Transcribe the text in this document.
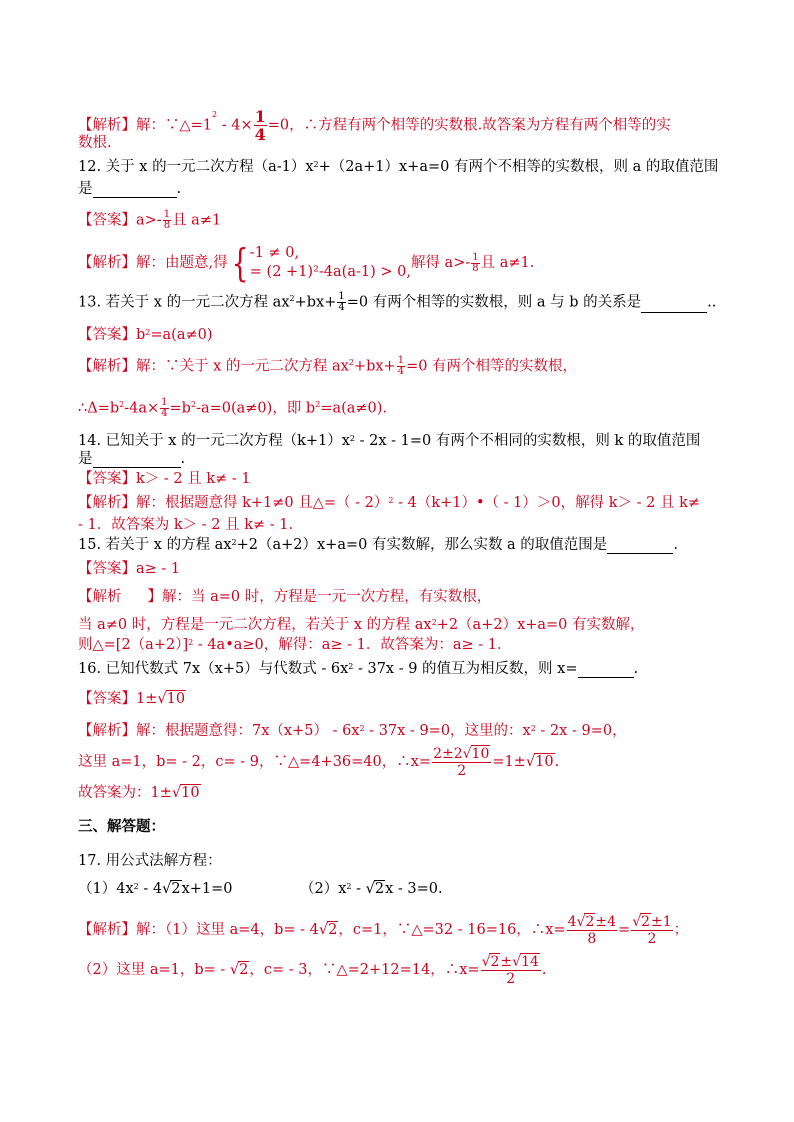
【解析】解：$\because\triangle=1^2 - 4\times \frac{1}{4} =0$，∴方程有两个相等的实数根.故答案为方程有两个相等的实
数根.
12. 关于 x 的一元二次方程$(a-1)x^2+(2a+1)x+a=0$ 有两个不相等的实数根，则 a 的取值范围
是	.
【答案】$a>- \frac{1}{8}$ 且 a≠1
【解析】解：由题意,得{ -1 ≠ 0,
= (2 +1)²-4a(a-1) > 0,
解得 $a>- \frac{1}{8}$ 且 a≠1.
13. 若关于 x 的一元二次方程 $ax^2+bx+ \frac{1}{4} =0$ 有两个相等的实数根，则 a 与 b 的关系是	..
【答案】$b^2=a(a\ne 0)$
【解析】解：∵关于 x 的一元二次方程 $ax^2+bx+ \frac{1}{4} =0$ 有两个相等的实数根，
$\therefore\Delta=b^2-4a\times \frac{1}{4} =b^2-a=0(a\ne 0)$，即 $b^2=a(a\ne 0)$.
14. 已知关于 x 的一元二次方程$(k+1)x^2 - 2x - 1=0$ 有两个不相同的实数根，则 k 的取值范围
是	.
【答案】k＞ - 2 且 k≠ - 1
【解析】解：根据题意得 k+1≠0 且△=（ - 2）$^2$ - 4（k+1）•（ - 1）＞0，解得 k＞ - 2 且 k≠
- 1．故答案为 k＞ - 2 且 k≠ - 1.
15. 若关于 x 的方程 $ax^2+2(a+2)x+a=0$ 有实数解，那么实数 a 的取值范围是	.
【答案】a≥ - 1
【解析 】解：当 a=0 时，方程是一元一次方程，有实数根，
当 a≠0 时，方程是一元二次方程，若关于 x 的方程 $ax^2+2(a+2)x+a=0$ 有实数解，
则$\triangle=[2(a+2)]^2$ - 4a•a≥0，解得：a≥ - 1．故答案为：a≥ - 1．
16. 已知代数式 7x（x+5）与代数式 - $6x^2 - 37x - 9$ 的值互为相反数，则 x=	.
【答案】1±√10
【解析】解：根据题意得：$7x(x+5) - 6x^2 - 37x - 9=0$，这里的：$x^2 - 2x - 9=0$，
这里 a=1，b= - 2，c= - 9，∵△=4+36=40，∴x= $\frac{2\pm 2√10}{2} =1\pm√10$.
故答案为：1±√10
三、解答题：
17. 用公式法解方程：
$(1)4x^2 - 4√2x+1=0$	$(2)x^2 - √2x - 3=0$.
【解析】解：（1）这里 a=4，b= - 4√2，c=1，∵△=32 - 16=16，∴x= $\frac{4√2\pm 4}{8} = \frac{√2\pm 1}{2}$ ；
（2）这里 a=1，b= - √2，c= - 3，∵△=2+12=14，∴x= $\frac{√2\pm√14}{2}$ .
